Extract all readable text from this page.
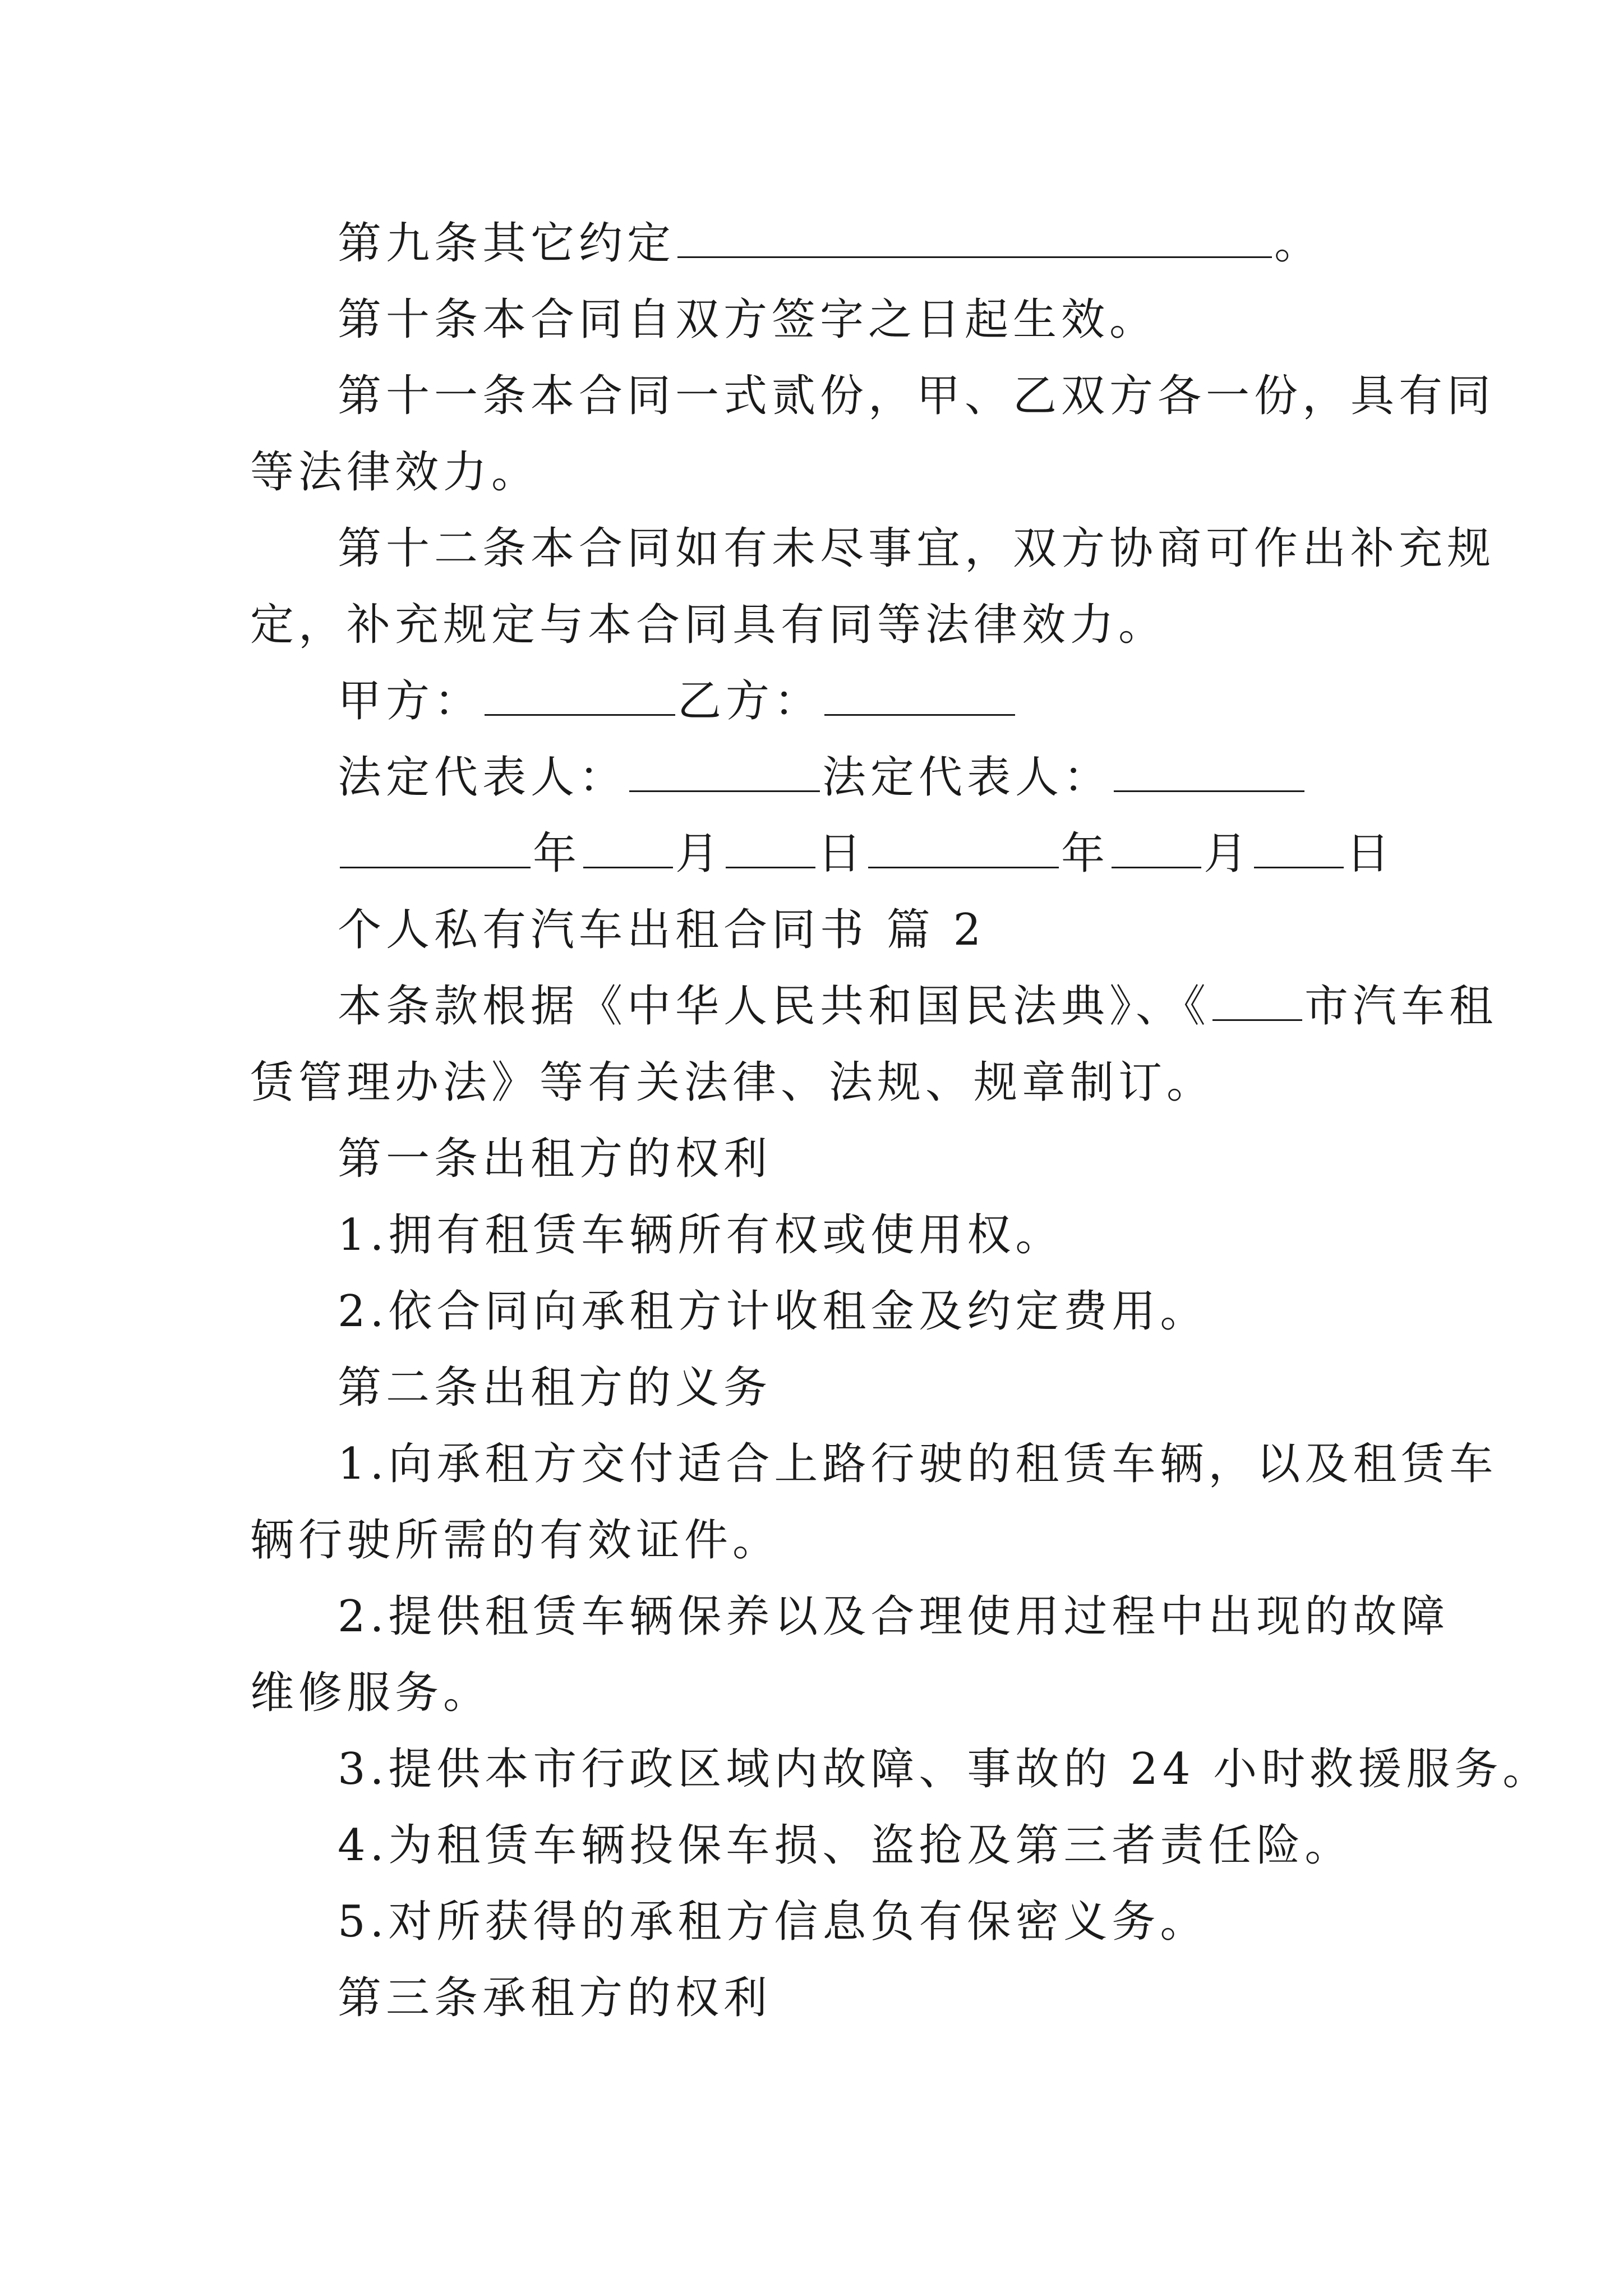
第九条其它约定	。
第十条本合同自双方签字之日起生效。
第十一条本合同一式贰份，甲、乙双方各一份，具有同
等法律效力。
第十二条本合同如有未尽事宜，双方协商可作出补充规
定，补充规定与本合同具有同等法律效力。
甲方：	乙方：
法定代表人：	法定代表人：
年 月 日	年 月 日
个人私有汽车出租合同书 篇 2
本条款根据《中华人民共和国民法典》、《 市汽车租
赁管理办法》等有关法律、法规、规章制订。
第一条出租方的权利
1.拥有租赁车辆所有权或使用权。
2.依合同向承租方计收租金及约定费用。
第二条出租方的义务
1.向承租方交付适合上路行驶的租赁车辆，以及租赁车
辆行驶所需的有效证件。
2.提供租赁车辆保养以及合理使用过程中出现的故障
维修服务。
3.提供本市行政区域内故障、事故的 24 小时救援服务。
4.为租赁车辆投保车损、盗抢及第三者责任险。
5.对所获得的承租方信息负有保密义务。
第三条承租方的权利
